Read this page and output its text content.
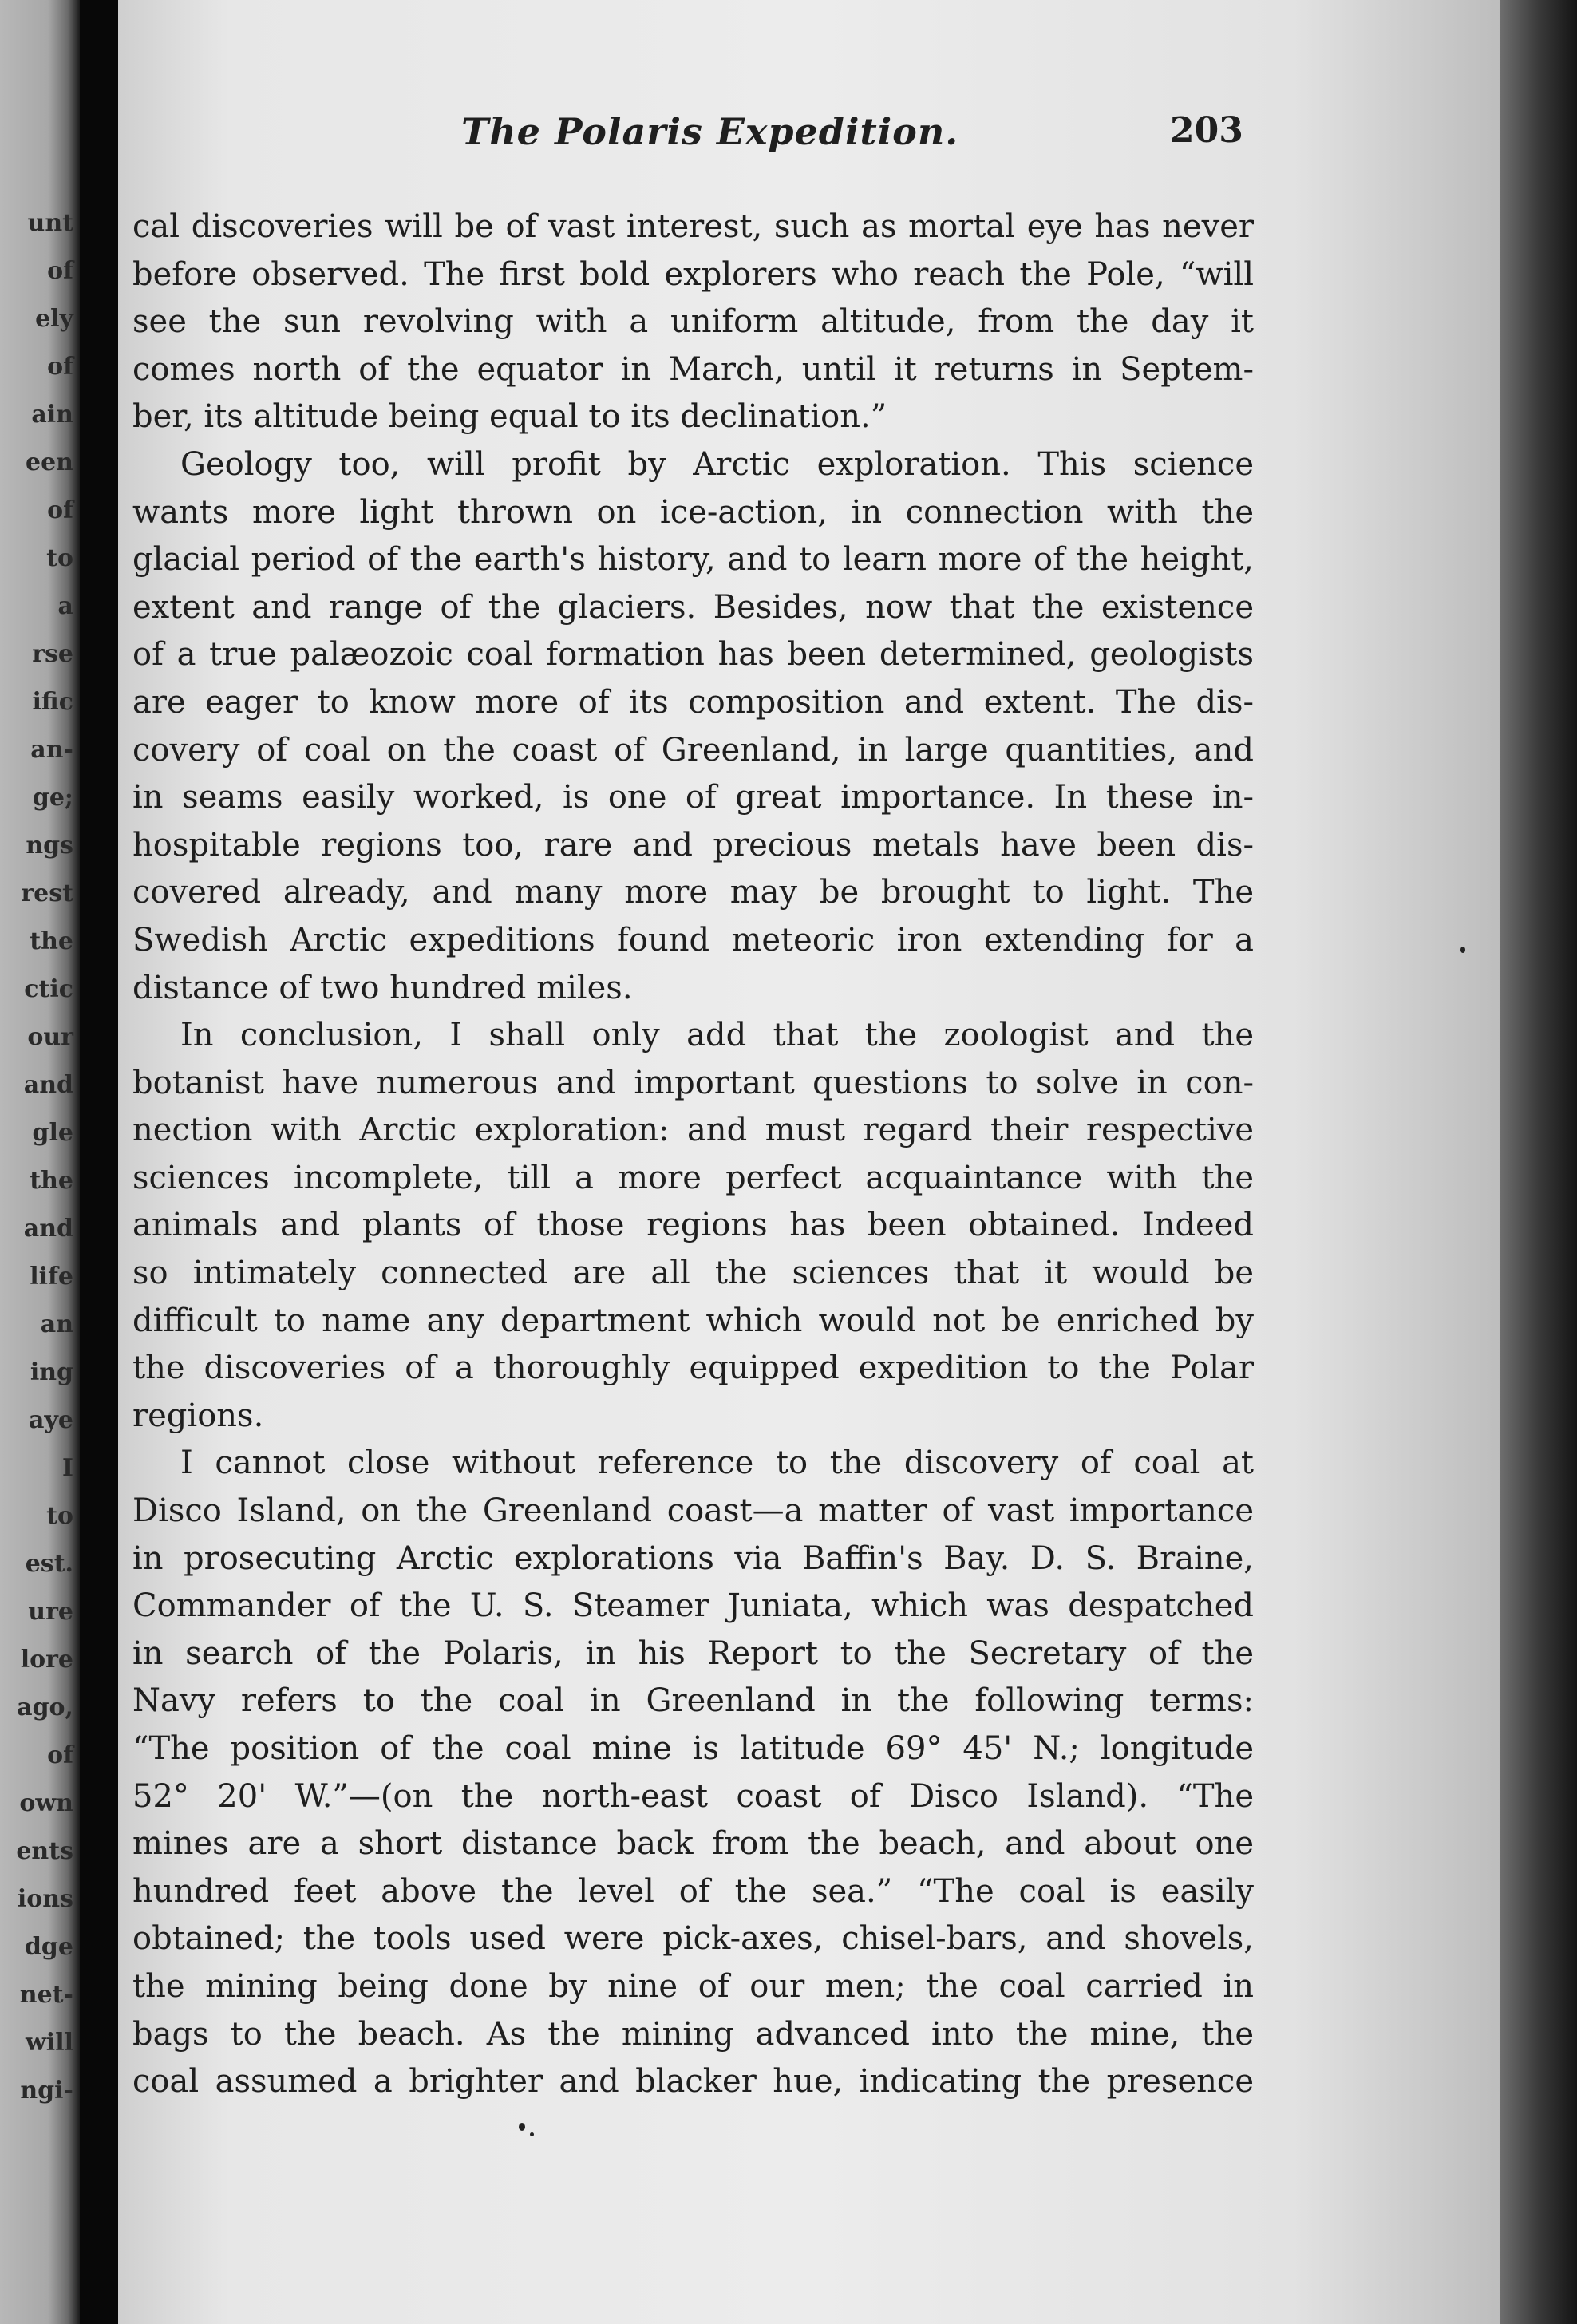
unt
of
ely
of
ain
een
of
to
a
rse
ific
an-
ge;
ngs
rest
the
ctic
our
and
gle
the
and
life
an
ing
aye
I
to
est.
ure
lore
ago,
of
own
ents
ions
dge
net-
will
ngi-
The Polaris Expedition.	203
cal discoveries will be of vast interest, such as mortal eye has never
before observed. The first bold explorers who reach the Pole, “will
see the sun revolving with a uniform altitude, from the day it
comes north of the equator in March, until it returns in Septem-
ber, its altitude being equal to its declination.”
Geology too, will profit by Arctic exploration. This science
wants more light thrown on ice-action, in connection with the
glacial period of the earth's history, and to learn more of the height,
extent and range of the glaciers. Besides, now that the existence
of a true palæozoic coal formation has been determined, geologists
are eager to know more of its composition and extent. The dis-
covery of coal on the coast of Greenland, in large quantities, and
in seams easily worked, is one of great importance. In these in-
hospitable regions too, rare and precious metals have been dis-
covered already, and many more may be brought to light. The
Swedish Arctic expeditions found meteoric iron extending for a
distance of two hundred miles.
In conclusion, I shall only add that the zoologist and the
botanist have numerous and important questions to solve in con-
nection with Arctic exploration: and must regard their respective
sciences incomplete, till a more perfect acquaintance with the
animals and plants of those regions has been obtained. Indeed
so intimately connected are all the sciences that it would be
difficult to name any department which would not be enriched by
the discoveries of a thoroughly equipped expedition to the Polar
regions.
I cannot close without reference to the discovery of coal at
Disco Island, on the Greenland coast—a matter of vast importance
in prosecuting Arctic explorations via Baffin's Bay. D. S. Braine,
Commander of the U. S. Steamer Juniata, which was despatched
in search of the Polaris, in his Report to the Secretary of the
Navy refers to the coal in Greenland in the following terms:
“The position of the coal mine is latitude 69° 45' N.; longitude
52° 20' W.”—(on the north-east coast of Disco Island). “The
mines are a short distance back from the beach, and about one
hundred feet above the level of the sea.” “The coal is easily
obtained; the tools used were pick-axes, chisel-bars, and shovels,
the mining being done by nine of our men; the coal carried in
bags to the beach. As the mining advanced into the mine, the
coal assumed a brighter and blacker hue, indicating the presence
